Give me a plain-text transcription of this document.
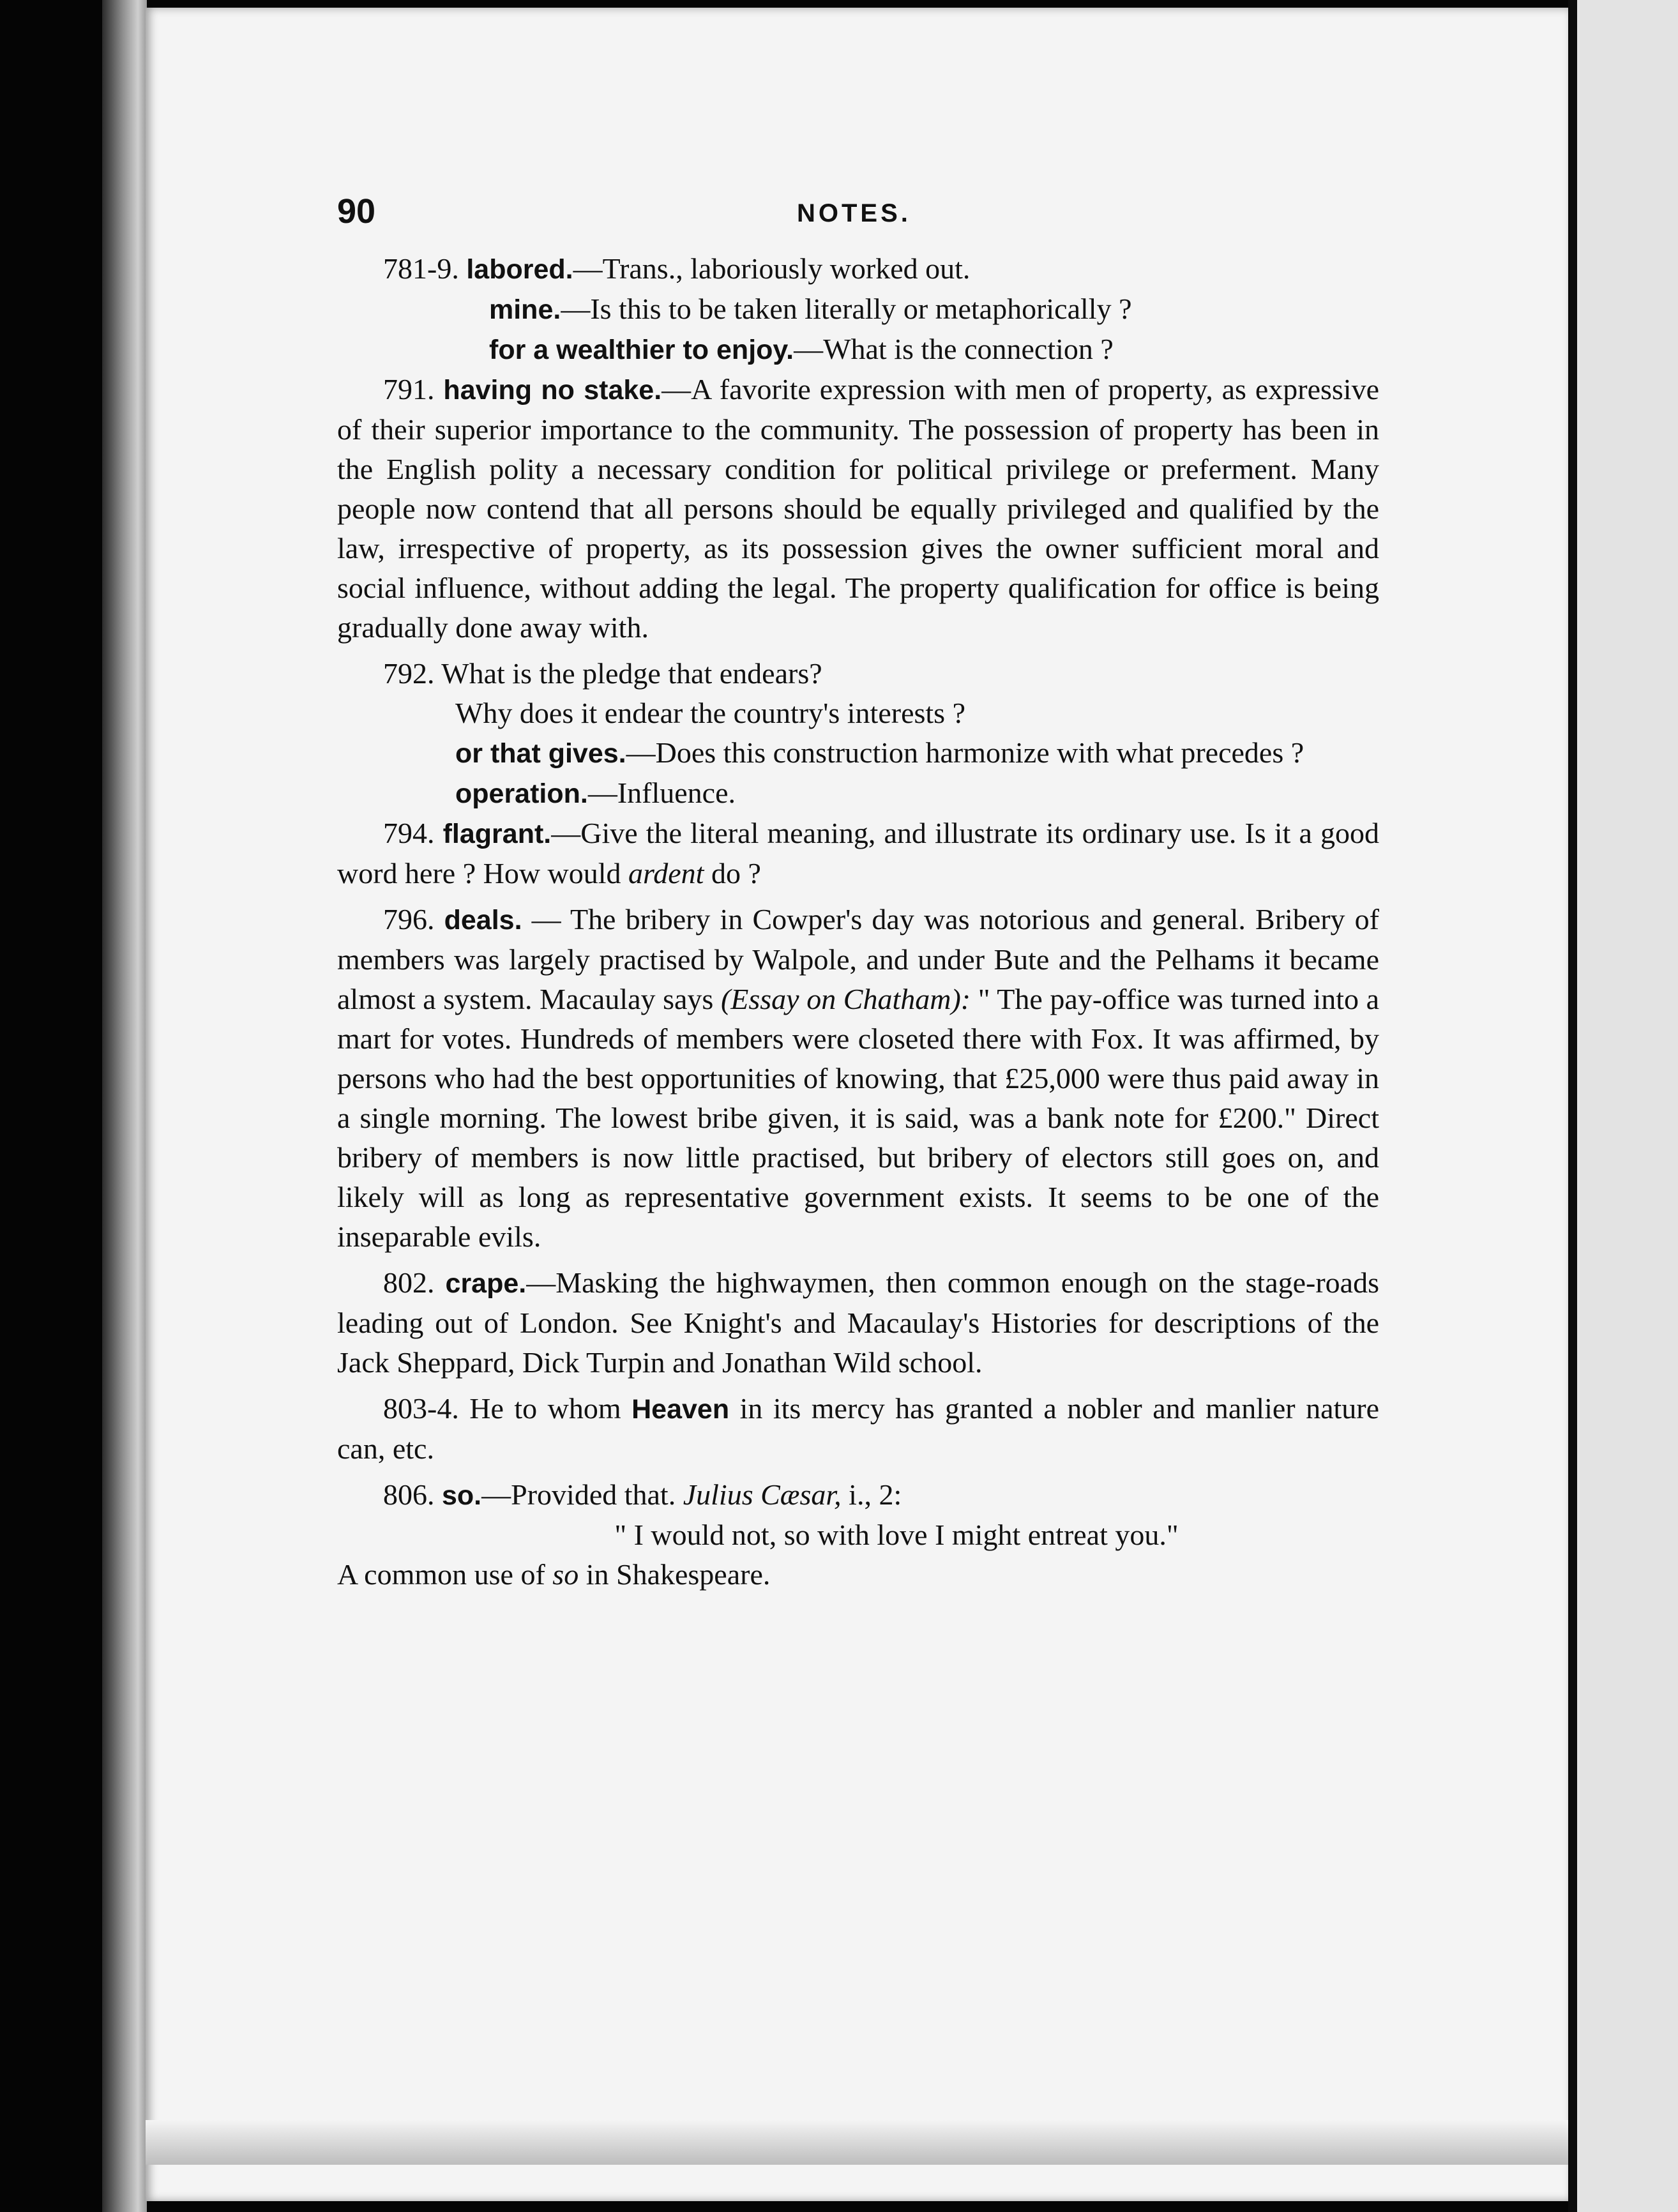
90	NOTES.

781-9. labored.—Trans., laboriously worked out.

mine.—Is this to be taken literally or metaphorically ?

for a wealthier to enjoy.—What is the connection ?

791. having no stake.—A favorite expression with men of property, as expressive of their superior importance to the community. The possession of property has been in the English polity a necessary condition for political privilege or preferment. Many people now contend that all persons should be equally privileged and qualified by the law, irrespective of property, as its possession gives the owner sufficient moral and social influence, without adding the legal. The property qualification for office is being gradually done away with.

792. What is the pledge that endears?

Why does it endear the country's interests ?

or that gives.—Does this construction harmonize with what precedes ?

operation.—Influence.

794. flagrant.—Give the literal meaning, and illustrate its ordinary use. Is it a good word here ? How would ardent do ?

796. deals. — The bribery in Cowper's day was notorious and general. Bribery of members was largely practised by Walpole, and under Bute and the Pelhams it became almost a system. Macaulay says (Essay on Chatham): " The pay-office was turned into a mart for votes. Hundreds of members were closeted there with Fox. It was affirmed, by persons who had the best opportunities of knowing, that £25,000 were thus paid away in a single morning. The lowest bribe given, it is said, was a bank note for £200." Direct bribery of members is now little practised, but bribery of electors still goes on, and likely will as long as representative government exists. It seems to be one of the inseparable evils.

802. crape.—Masking the highwaymen, then common enough on the stage-roads leading out of London. See Knight's and Macaulay's Histories for descriptions of the Jack Sheppard, Dick Turpin and Jonathan Wild school.

803-4. He to whom Heaven in its mercy has granted a nobler and manlier nature can, etc.

806. so.—Provided that. Julius Cæsar, i., 2:

" I would not, so with love I might entreat you."

A common use of so in Shakespeare.
